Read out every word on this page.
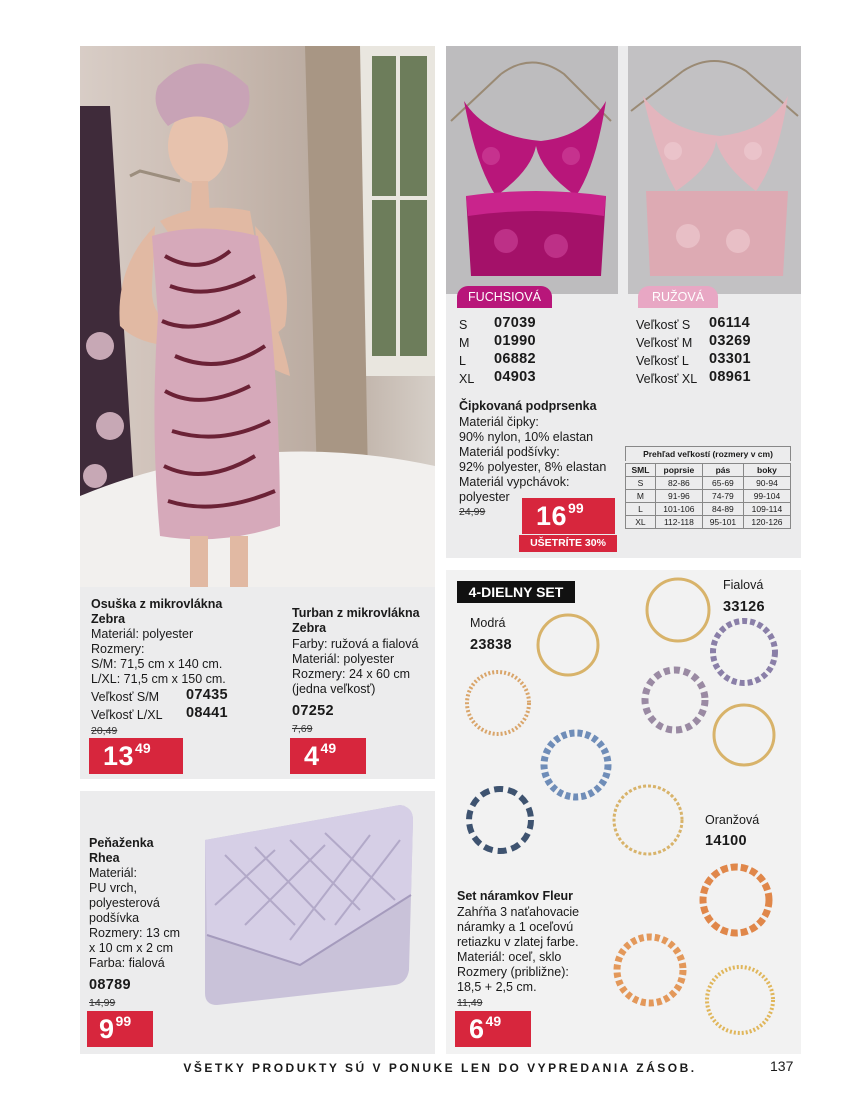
Osuška z mikrovlákna Zebra
Materiál: polyester
Rozmery:
S/M: 71,5 cm x 140 cm.
L/XL: 71,5 cm x 150 cm.
Veľkosť S/M 07435
Veľkosť L/XL 08441
20,49
1349
Turban z mikrovlákna Zebra
Farby: ružová a fialová
Materiál: polyester
Rozmery: 24 x 60 cm
(jedna veľkosť)
07252
7,69
449
FUCHSIOVÁ	RUŽOVÁ
S 07039
M 01990
L 06882
XL 04903
Veľkosť S 06114
Veľkosť M 03269
Veľkosť L 03301
Veľkosť XL 08961
Čipkovaná podprsenka
Materiál čipky:
90% nylon, 10% elastan
Materiál podšívky:
92% polyester, 8% elastan
Materiál vypchávok:
polyester
24,99	1699
UŠETRÍTE 30%
Prehľad veľkostí (rozmery v cm)
SML	poprsie	pás	boky
S	82-86	65-69	90-94
M	91-96	74-79	99-104
L	101-106	84-89	109-114
XL	112-118	95-101	120-126
4-DIELNY SET
Modrá
23838
Fialová
33126
Oranžová
14100
Set náramkov Fleur
Zahŕňa 3 naťahovacie
náramky a 1 oceľovú
retiazku v zlatej farbe.
Materiál: oceľ, sklo
Rozmery (približne):
18,5 + 2,5 cm.
11,49
649
Peňaženka Rhea
Materiál:
PU vrch,
polyesterová
podšívka
Rozmery: 13 cm
x 10 cm x 2 cm
Farba: fialová
08789
14,99
999
VŠETKY PRODUKTY SÚ V PONUKE LEN DO VYPREDANIA ZÁSOB.	137
